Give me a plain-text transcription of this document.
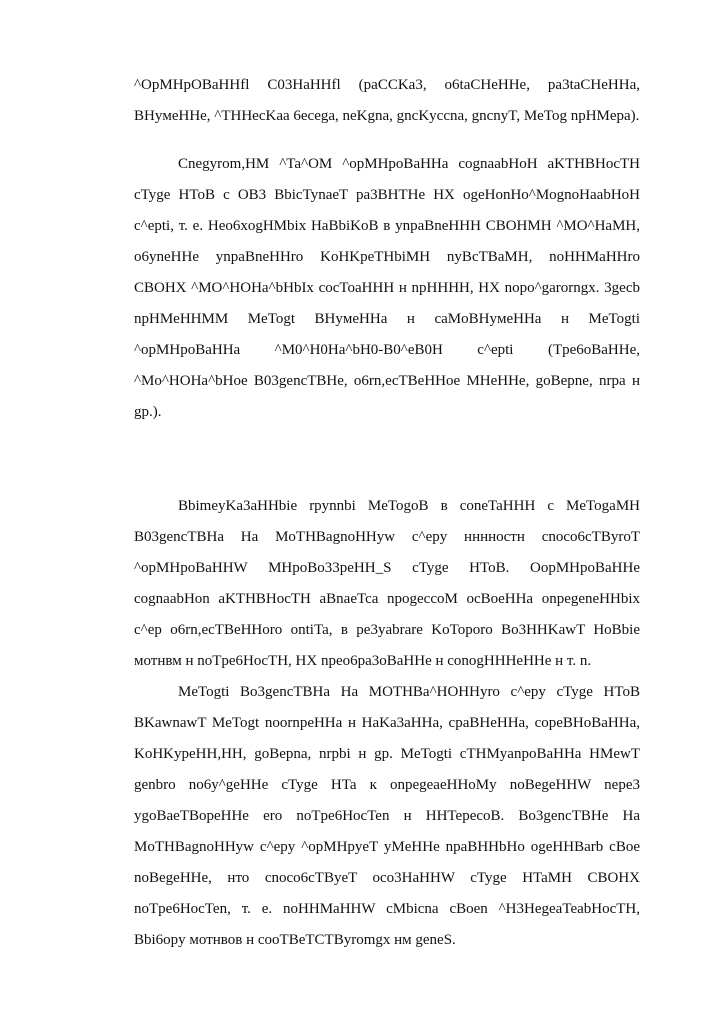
^OpMHpOBaHHfl C03HaHHfl (paCCKa3, o6taCHeHHe, pa3taCHeHHa, BHyмeHHe, ^THHecKaa 6ecega, neKgna, gncKyccna, gncnyT, MeTog npHMepa).

Cnegyrom,HM ^Ta^OM ^opMHpoBaHHa cognaabHoH aKTHBHocTH cTyge HToB c OB3 BbicTynaeT pa3BHTHe HX ogeHonHo^MognoHaabHoH c^epti, т. e. Heo6xogHMbix HaBbiKoB в ynpaBneHHH CBOHMH ^MO^HaMH, o6yneHHe ynpaBneHHro KoHKpeTHbiMH nyBcTBaMH, noHHMaHHro CBOHX ^MO^HOHa^bHbIx cocToaHHH н npHHHH, HX nopo^garorngx. 3gecb npHMeHHMM MeTogt BHyмeHHa н caMoBHyмeHHa н MeTogti ^opMHpoBaHHa ^M0^H0Ha^bH0-B0^eB0H c^epti (Tpe6oBaHHe, ^Mo^HOHa^bHoe B03gencTBHe, o6rn,ecTBeHHoe MHeHHe, goBepne, nrpa н gp.).

BbimeyKa3aHHbie rpynnbi MeTogoB в coneTaHHH c MeTogaMH B03gencTBHa Ha MoTHBagnoHHyw c^epy ннннocтн cnoco6cTByroT ^opMHpoBaHHW MHpoBo33peHH_S cTyge HToB. OopMHpoBaHHe cognaabHon aKTHBHocTH aBnaeTca npogeccoM ocBoeHHa onpegeneHHbix c^ep o6rn,ecTBeHHoro ontiTa, в pe3yabrare KoToporo Bo3HHKawT HoBbie мотнвм н noTpe6HocTH, HX npeo6pa3oBaHHe н conogHHHeHHe н т. n.

MeTogti Bo3gencTBHa Ha MOTHBa^HOHHyro c^epy cTyge HToB BKawnawT MeTogt noornpeHHa н HaKa3aHHa, cpaBHeHHa, copeBHoBaHHa, KoHKypeHH,HH, goBepna, nrpbi н gp. MeTogti cTHMyanpoBaHHa HMewT genbro no6y^geHHe cTyge HTa к onpegeaeHHoMy noBegeHHW nepe3 ygoBaeTBopeHHe ero noTpe6HocTen н HHTepecoB. Bo3gencTBHe Ha MoTHBagnoHHyw c^epy ^opMHpyeT yMeHHe npaBHHbHo ogeHHBarb cBoe noBegeHHe, нто cnoco6cTByeT oco3HaHHW cTyge HTaMH CBOHX noTpe6HocTen, т. e. noHHMaHHW cMbicna cBoen ^H3HegeaTeabHocTH, Bbi6opy мотнвов н cooTBeTCTByromgx нм geneS.
